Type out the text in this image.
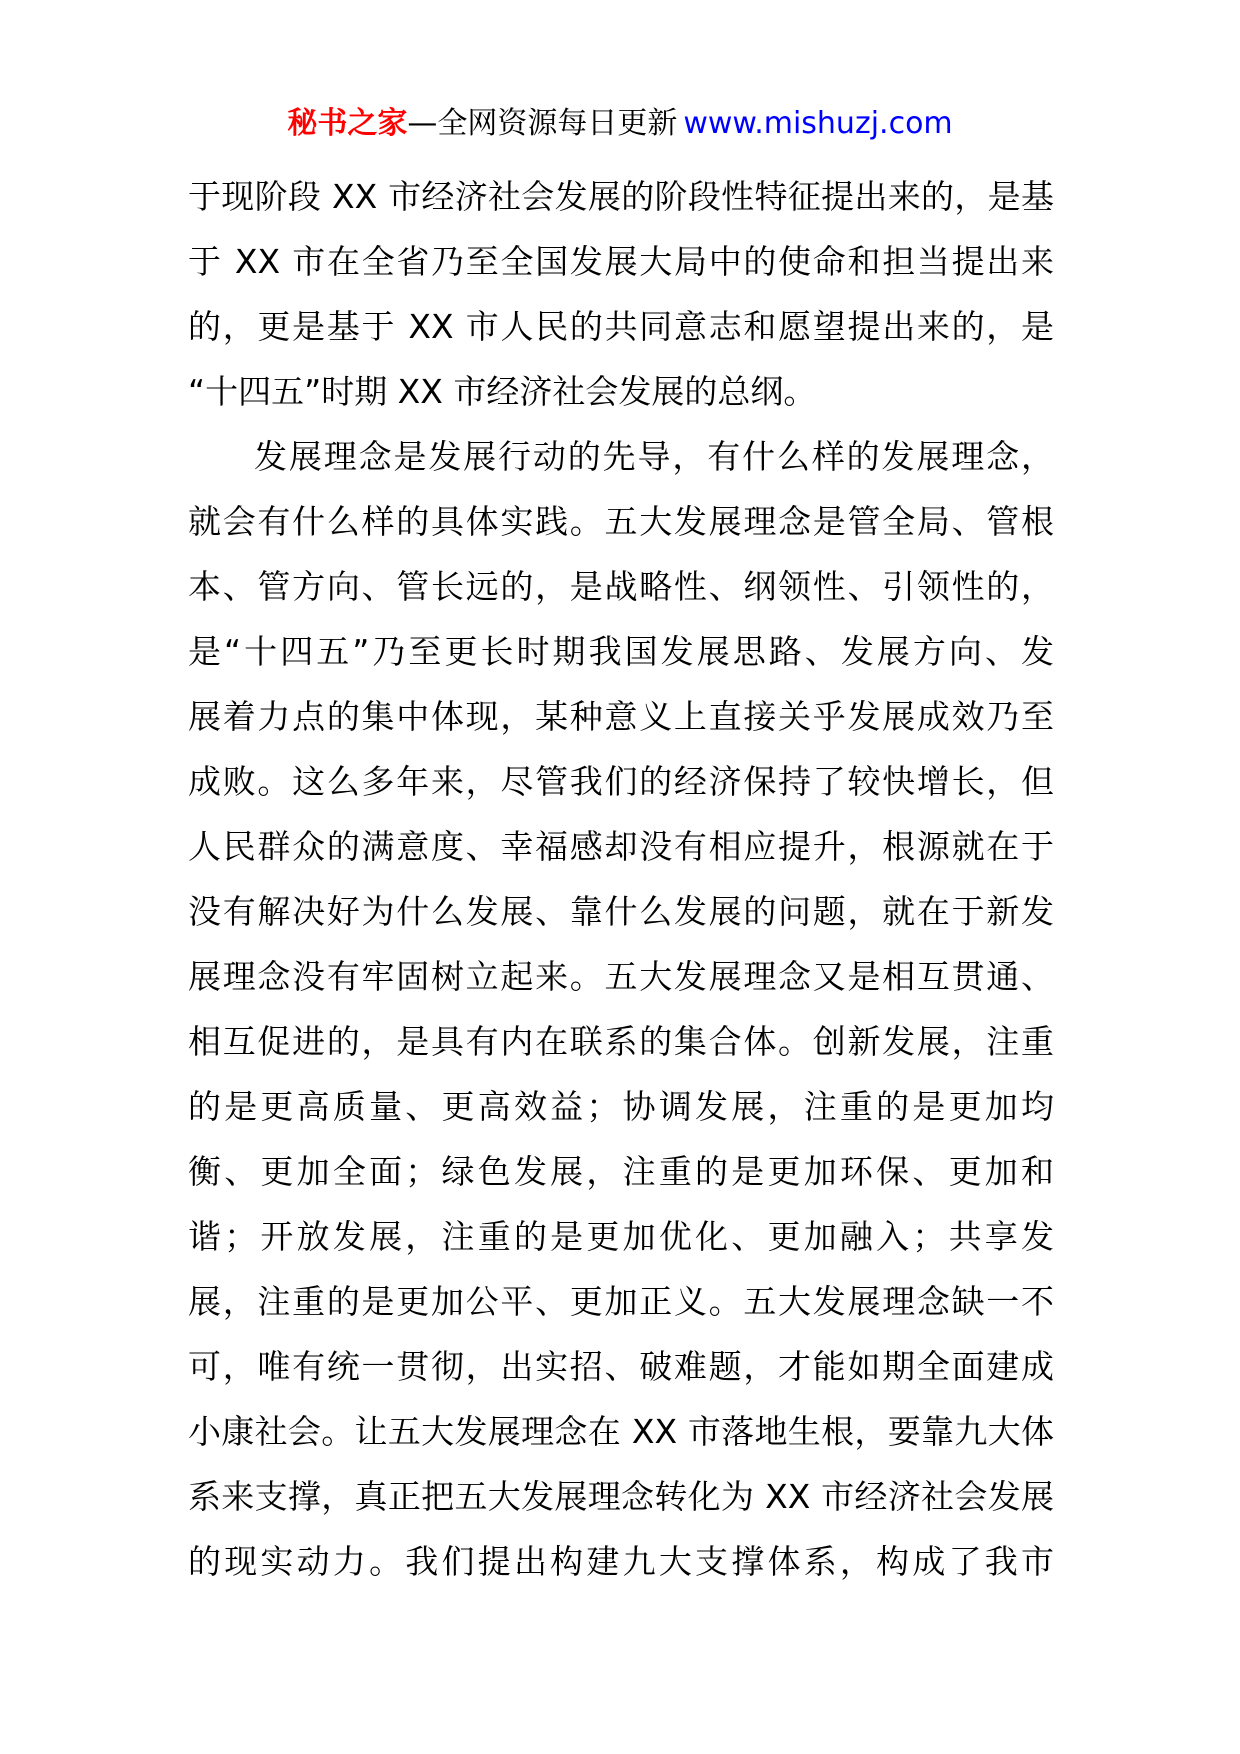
秘书之家—全网资源每日更新 www.mishuzj.com
于现阶段 XX 市经济社会发展的阶段性特征提出来的，是基
于 XX 市在全省乃至全国发展大局中的使命和担当提出来
的，更是基于 XX 市人民的共同意志和愿望提出来的，是
“十四五”时期 XX 市经济社会发展的总纲。
发展理念是发展行动的先导，有什么样的发展理念，
就会有什么样的具体实践。五大发展理念是管全局、管根
本、管方向、管长远的，是战略性、纲领性、引领性的，
是“十四五”乃至更长时期我国发展思路、发展方向、发
展着力点的集中体现，某种意义上直接关乎发展成效乃至
成败。这么多年来，尽管我们的经济保持了较快增长，但
人民群众的满意度、幸福感却没有相应提升，根源就在于
没有解决好为什么发展、靠什么发展的问题，就在于新发
展理念没有牢固树立起来。五大发展理念又是相互贯通、
相互促进的，是具有内在联系的集合体。创新发展，注重
的是更高质量、更高效益；协调发展，注重的是更加均
衡、更加全面；绿色发展，注重的是更加环保、更加和
谐；开放发展，注重的是更加优化、更加融入；共享发
展，注重的是更加公平、更加正义。五大发展理念缺一不
可，唯有统一贯彻，出实招、破难题，才能如期全面建成
小康社会。让五大发展理念在 XX 市落地生根，要靠九大体
系来支撑，真正把五大发展理念转化为 XX 市经济社会发展
的现实动力。我们提出构建九大支撑体系，构成了我市
